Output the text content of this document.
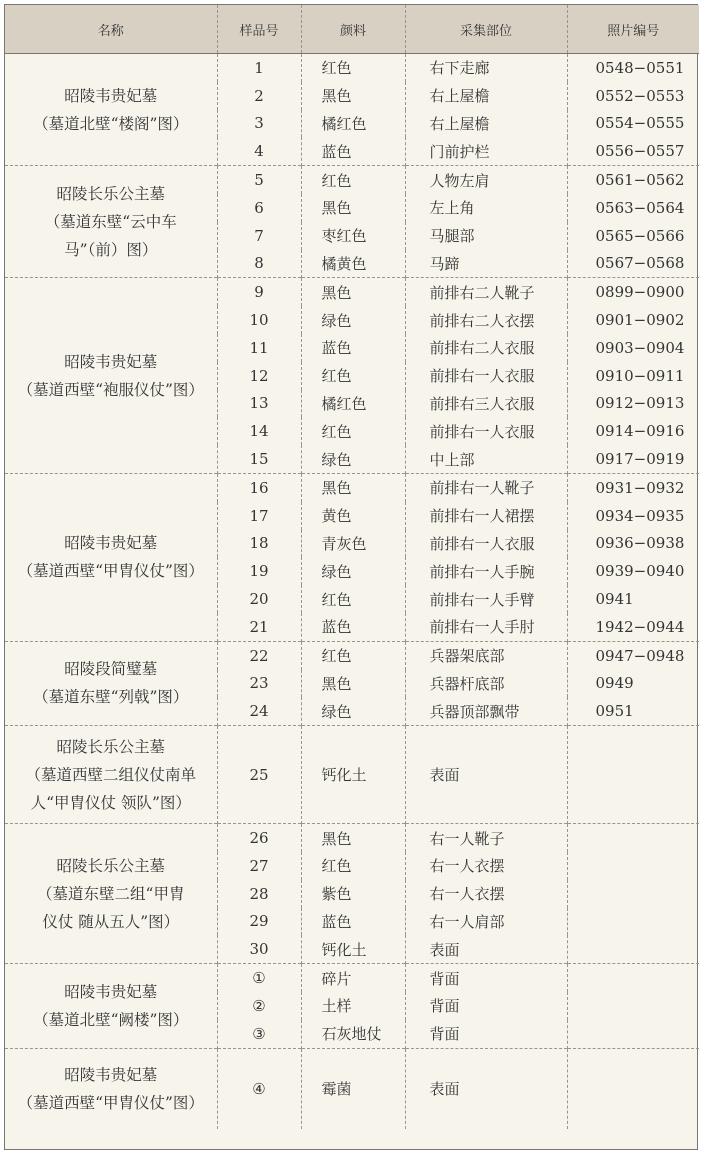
名称	样品号	颜料	采集部位	照片编号

昭陵韦贵妃墓
（墓道北壁“楼阁”图）	1	红色	右下走廊	0548−0551
	2	黑色	右上屋檐	0552−0553
	3	橘红色	右上屋檐	0554−0555
	4	蓝色	门前护栏	0556−0557

昭陵长乐公主墓
（墓道东壁“云中车
马”（前）图）	5	红色	人物左肩	0561−0562
	6	黑色	左上角	0563−0564
	7	枣红色	马腿部	0565−0566
	8	橘黄色	马蹄	0567−0568

昭陵韦贵妃墓
（墓道西壁“袍服仪仗”图）	9	黑色	前排右二人靴子	0899−0900
	10	绿色	前排右二人衣摆	0901−0902
	11	蓝色	前排右二人衣服	0903−0904
	12	红色	前排右一人衣服	0910−0911
	13	橘红色	前排右三人衣服	0912−0913
	14	红色	前排右一人衣服	0914−0916
	15	绿色	中上部	0917−0919

昭陵韦贵妃墓
（墓道西壁“甲胄仪仗”图）	16	黑色	前排右一人靴子	0931−0932
	17	黄色	前排右一人裙摆	0934−0935
	18	青灰色	前排右一人衣服	0936−0938
	19	绿色	前排右一人手腕	0939−0940
	20	红色	前排右一人手臂	0941
	21	蓝色	前排右一人手肘	1942−0944

昭陵段简璧墓
（墓道东壁“列戟”图）	22	红色	兵器架底部	0947−0948
	23	黑色	兵器杆底部	0949
	24	绿色	兵器顶部飘带	0951

昭陵长乐公主墓
（墓道西壁二组仪仗南单
人“甲胄仪仗 领队”图）	25	钙化土	表面	

昭陵长乐公主墓
（墓道东壁二组“甲胄
仪仗 随从五人”图）	26	黑色	右一人靴子	
	27	红色	右一人衣摆	
	28	紫色	右一人衣摆	
	29	蓝色	右一人肩部	
	30	钙化土	表面	

昭陵韦贵妃墓
（墓道北壁“阙楼”图）	①	碎片	背面	
	②	土样	背面	
	③	石灰地仗	背面	

昭陵韦贵妃墓
（墓道西壁“甲胄仪仗”图）	④	霉菌	表面	
